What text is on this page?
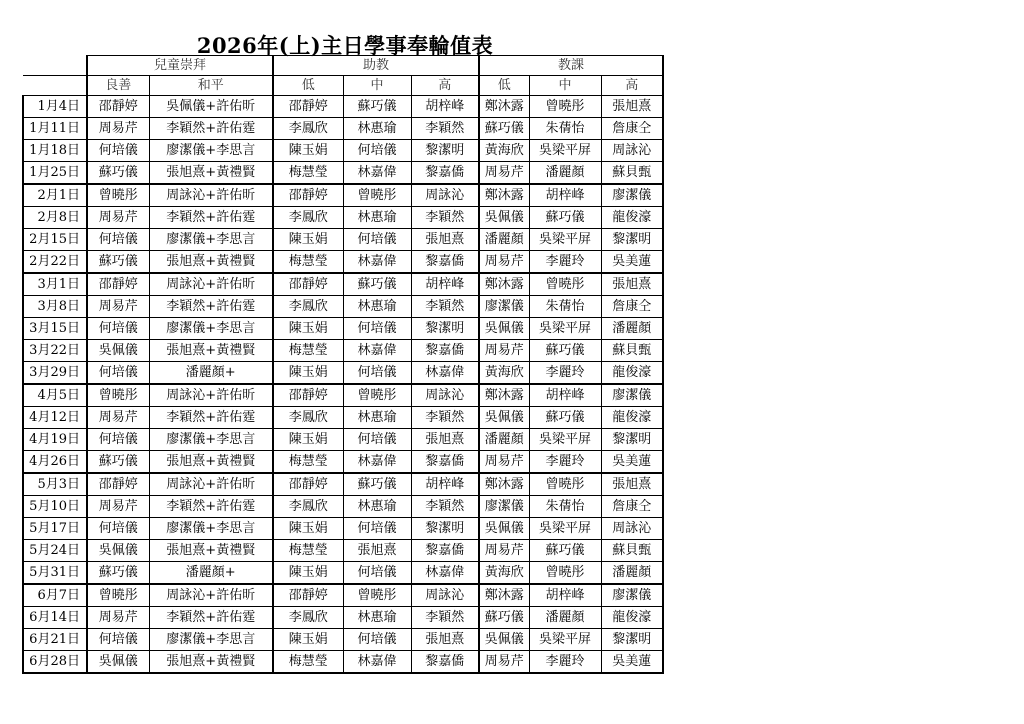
2026年(上)主日學事奉輪值表
	兒童崇拜		助教			教課		
	良善	和平	低	中	高	低	中	高
1月4日	邵靜婷	吳佩儀+許佑昕	邵靜婷	蘇巧儀	胡梓峰	鄭沐露	曾曉彤	張旭熹
1月11日	周易芹	李穎然+許佑霆	李鳳欣	林惠瑜	李穎然	蘇巧儀	朱蒨怡	詹康仝
1月18日	何培儀	廖潔儀+李思言	陳玉娟	何培儀	黎潔明	黃海欣	吳梁平屏	周詠沁
1月25日	蘇巧儀	張旭熹+黃禮賢	梅慧瑩	林嘉偉	黎嘉僑	周易芹	潘麗顏	蘇貝甄
2月1日	曾曉彤	周詠沁+許佑昕	邵靜婷	曾曉彤	周詠沁	鄭沐露	胡梓峰	廖潔儀
2月8日	周易芹	李穎然+許佑霆	李鳳欣	林惠瑜	李穎然	吳佩儀	蘇巧儀	龍俊濠
2月15日	何培儀	廖潔儀+李思言	陳玉娟	何培儀	張旭熹	潘麗顏	吳梁平屏	黎潔明
2月22日	蘇巧儀	張旭熹+黃禮賢	梅慧瑩	林嘉偉	黎嘉僑	周易芹	李麗玲	吳美蓮
3月1日	邵靜婷	周詠沁+許佑昕	邵靜婷	蘇巧儀	胡梓峰	鄭沐露	曾曉彤	張旭熹
3月8日	周易芹	李穎然+許佑霆	李鳳欣	林惠瑜	李穎然	廖潔儀	朱蒨怡	詹康仝
3月15日	何培儀	廖潔儀+李思言	陳玉娟	何培儀	黎潔明	吳佩儀	吳梁平屏	潘麗顏
3月22日	吳佩儀	張旭熹+黃禮賢	梅慧瑩	林嘉偉	黎嘉僑	周易芹	蘇巧儀	蘇貝甄
3月29日	何培儀	潘麗顏+	陳玉娟	何培儀	林嘉偉	黃海欣	李麗玲	龍俊濠
4月5日	曾曉彤	周詠沁+許佑昕	邵靜婷	曾曉彤	周詠沁	鄭沐露	胡梓峰	廖潔儀
4月12日	周易芹	李穎然+許佑霆	李鳳欣	林惠瑜	李穎然	吳佩儀	蘇巧儀	龍俊濠
4月19日	何培儀	廖潔儀+李思言	陳玉娟	何培儀	張旭熹	潘麗顏	吳梁平屏	黎潔明
4月26日	蘇巧儀	張旭熹+黃禮賢	梅慧瑩	林嘉偉	黎嘉僑	周易芹	李麗玲	吳美蓮
5月3日	邵靜婷	周詠沁+許佑昕	邵靜婷	蘇巧儀	胡梓峰	鄭沐露	曾曉彤	張旭熹
5月10日	周易芹	李穎然+許佑霆	李鳳欣	林惠瑜	李穎然	廖潔儀	朱蒨怡	詹康仝
5月17日	何培儀	廖潔儀+李思言	陳玉娟	何培儀	黎潔明	吳佩儀	吳梁平屏	周詠沁
5月24日	吳佩儀	張旭熹+黃禮賢	梅慧瑩	張旭熹	黎嘉僑	周易芹	蘇巧儀	蘇貝甄
5月31日	蘇巧儀	潘麗顏+	陳玉娟	何培儀	林嘉偉	黃海欣	曾曉彤	潘麗顏
6月7日	曾曉彤	周詠沁+許佑昕	邵靜婷	曾曉彤	周詠沁	鄭沐露	胡梓峰	廖潔儀
6月14日	周易芹	李穎然+許佑霆	李鳳欣	林惠瑜	李穎然	蘇巧儀	潘麗顏	龍俊濠
6月21日	何培儀	廖潔儀+李思言	陳玉娟	何培儀	張旭熹	吳佩儀	吳梁平屏	黎潔明
6月28日	吳佩儀	張旭熹+黃禮賢	梅慧瑩	林嘉偉	黎嘉僑	周易芹	李麗玲	吳美蓮
